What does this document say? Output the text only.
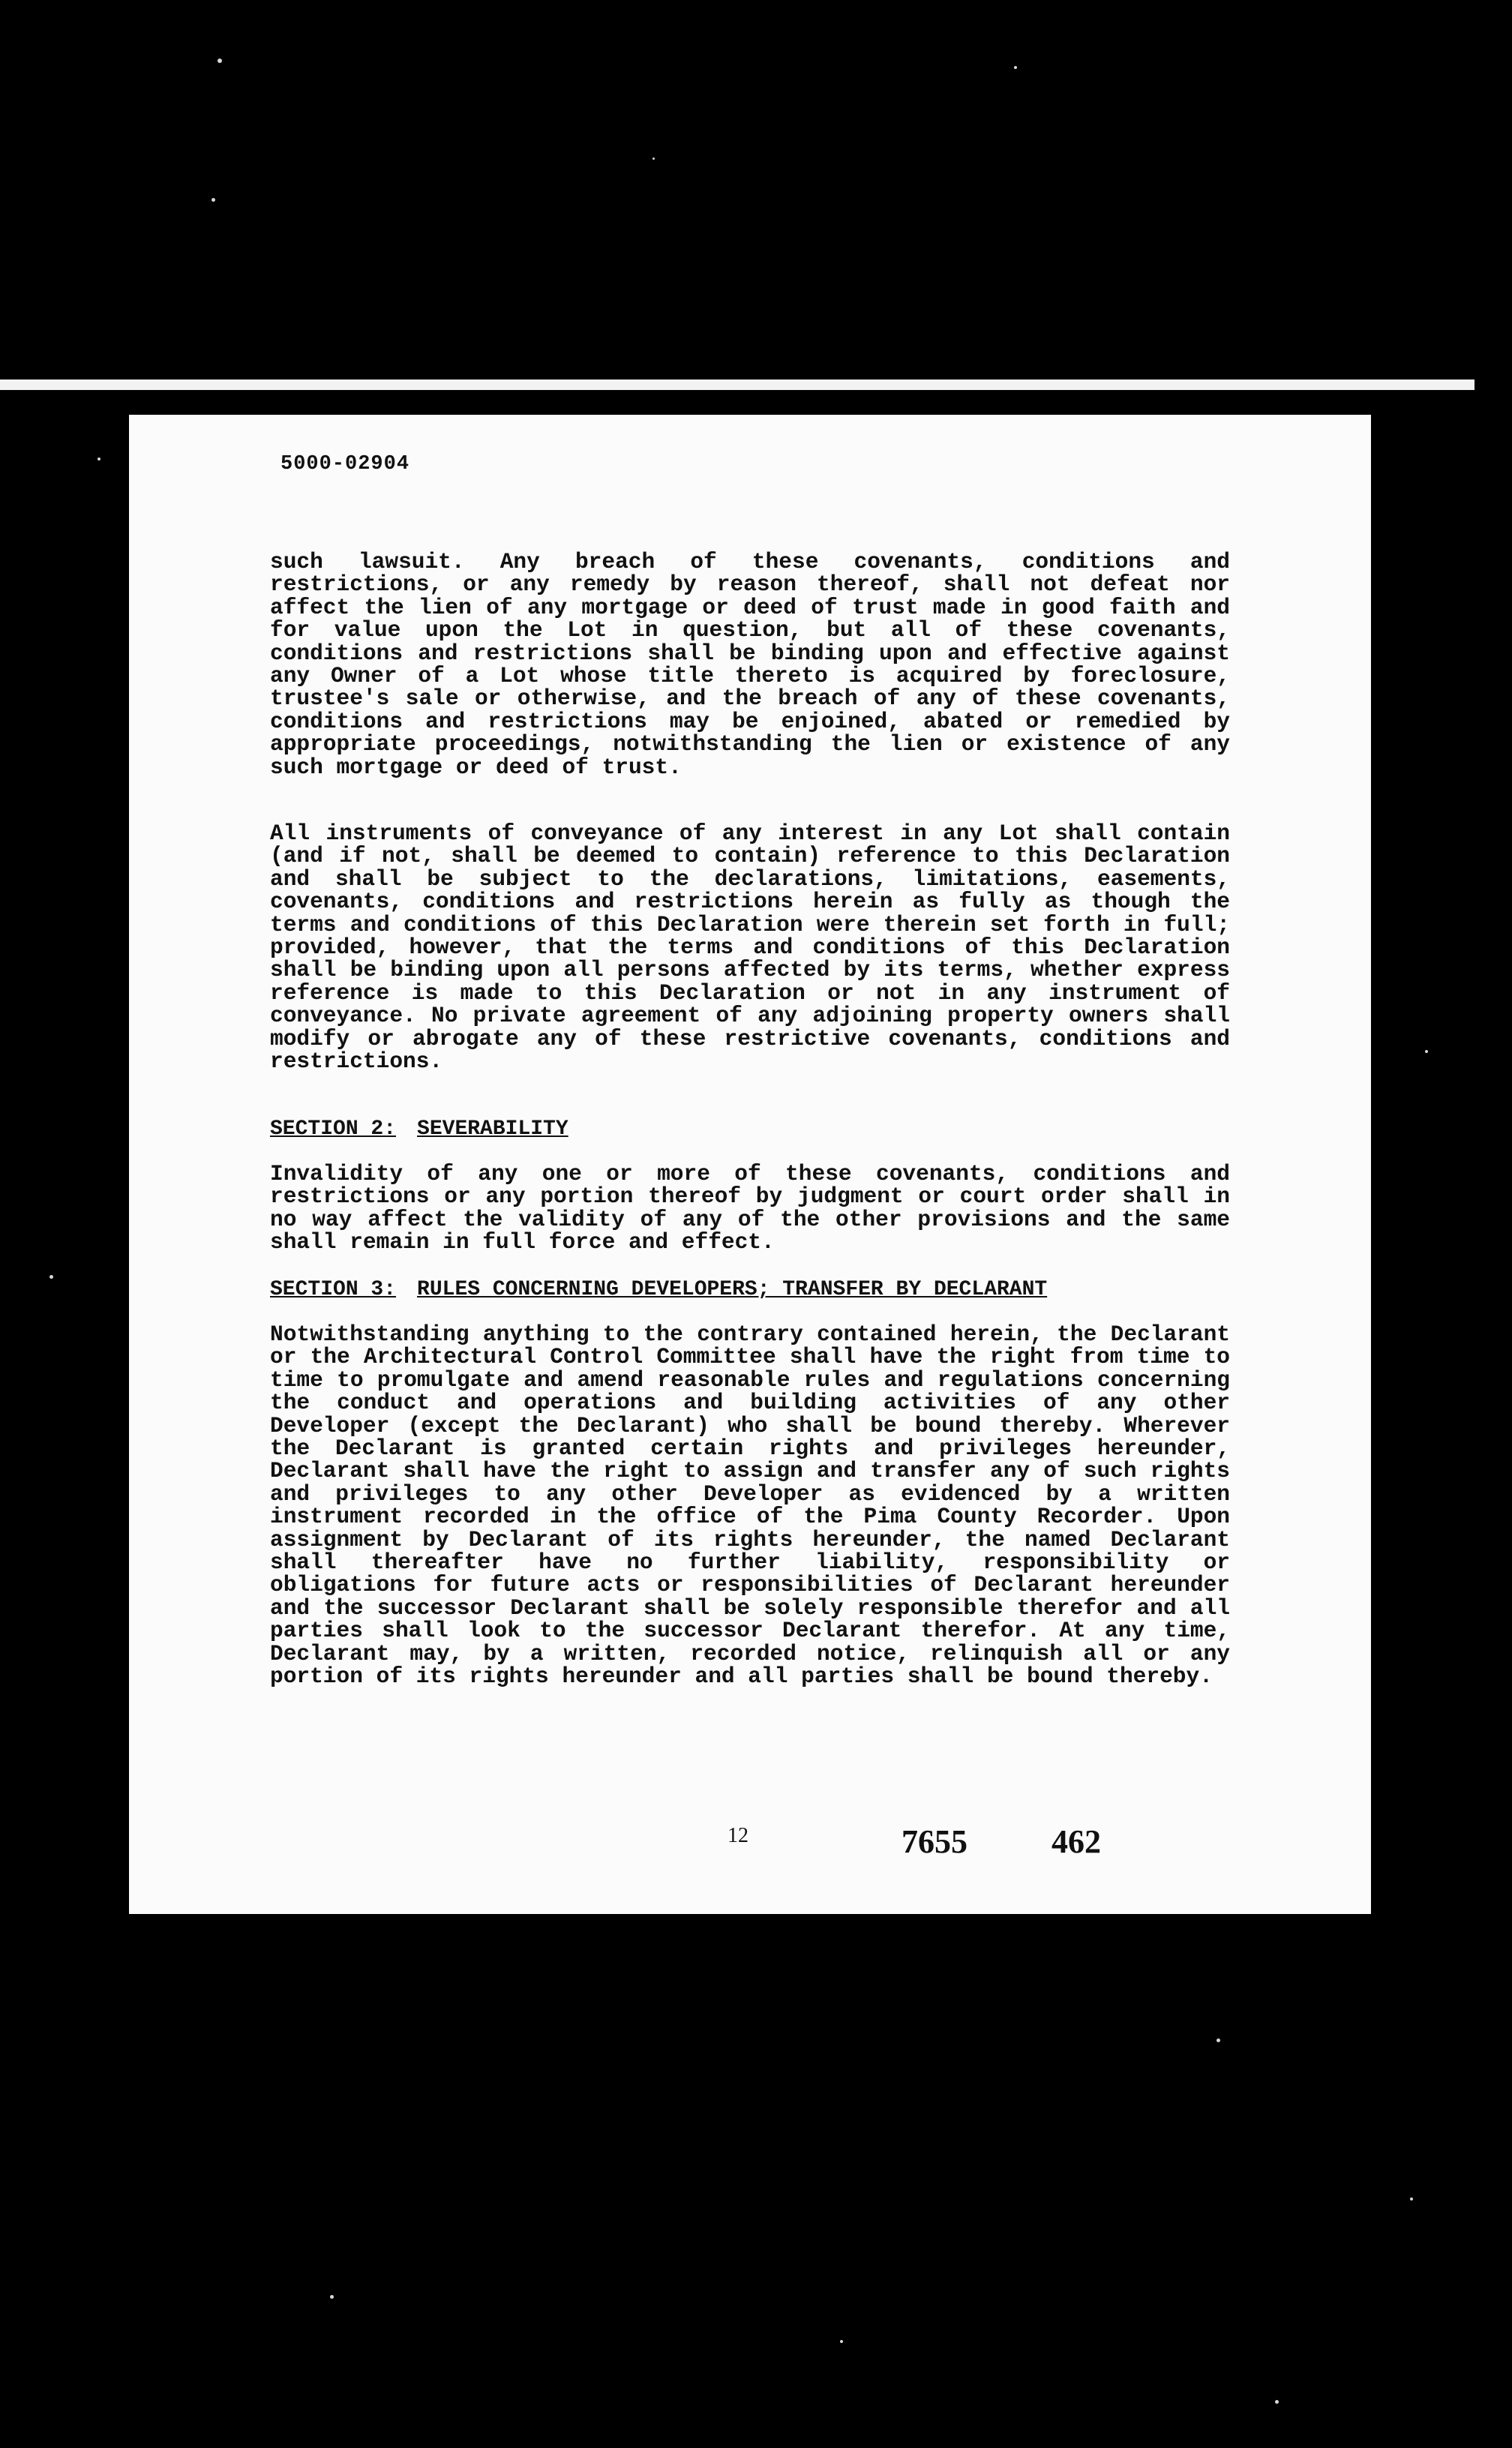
5000-02904

such lawsuit. Any breach of these covenants, conditions and restrictions, or any remedy by reason thereof, shall not defeat nor affect the lien of any mortgage or deed of trust made in good faith and for value upon the Lot in question, but all of these covenants, conditions and restrictions shall be binding upon and effective against any Owner of a Lot whose title thereto is acquired by foreclosure, trustee's sale or otherwise, and the breach of any of these covenants, conditions and restrictions may be enjoined, abated or remedied by appropriate proceedings, notwithstanding the lien or existence of any such mortgage or deed of trust.

All instruments of conveyance of any interest in any Lot shall contain (and if not, shall be deemed to contain) reference to this Declaration and shall be subject to the declarations, limitations, easements, covenants, conditions and restrictions herein as fully as though the terms and conditions of this Declaration were therein set forth in full; provided, however, that the terms and conditions of this Declaration shall be binding upon all persons affected by its terms, whether express reference is made to this Declaration or not in any instrument of conveyance. No private agreement of any adjoining property owners shall modify or abrogate any of these restrictive covenants, conditions and restrictions.

SECTION 2: SEVERABILITY

Invalidity of any one or more of these covenants, conditions and restrictions or any portion thereof by judgment or court order shall in no way affect the validity of any of the other provisions and the same shall remain in full force and effect.

SECTION 3: RULES CONCERNING DEVELOPERS; TRANSFER BY DECLARANT

Notwithstanding anything to the contrary contained herein, the Declarant or the Architectural Control Committee shall have the right from time to time to promulgate and amend reasonable rules and regulations concerning the conduct and operations and building activities of any other Developer (except the Declarant) who shall be bound thereby. Wherever the Declarant is granted certain rights and privileges hereunder, Declarant shall have the right to assign and transfer any of such rights and privileges to any other Developer as evidenced by a written instrument recorded in the office of the Pima County Recorder. Upon assignment by Declarant of its rights hereunder, the named Declarant shall thereafter have no further liability, responsibility or obligations for future acts or responsibilities of Declarant hereunder and the successor Declarant shall be solely responsible therefor and all parties shall look to the successor Declarant therefor. At any time, Declarant may, by a written, recorded notice, relinquish all or any portion of its rights hereunder and all parties shall be bound thereby.

12	7655	462
